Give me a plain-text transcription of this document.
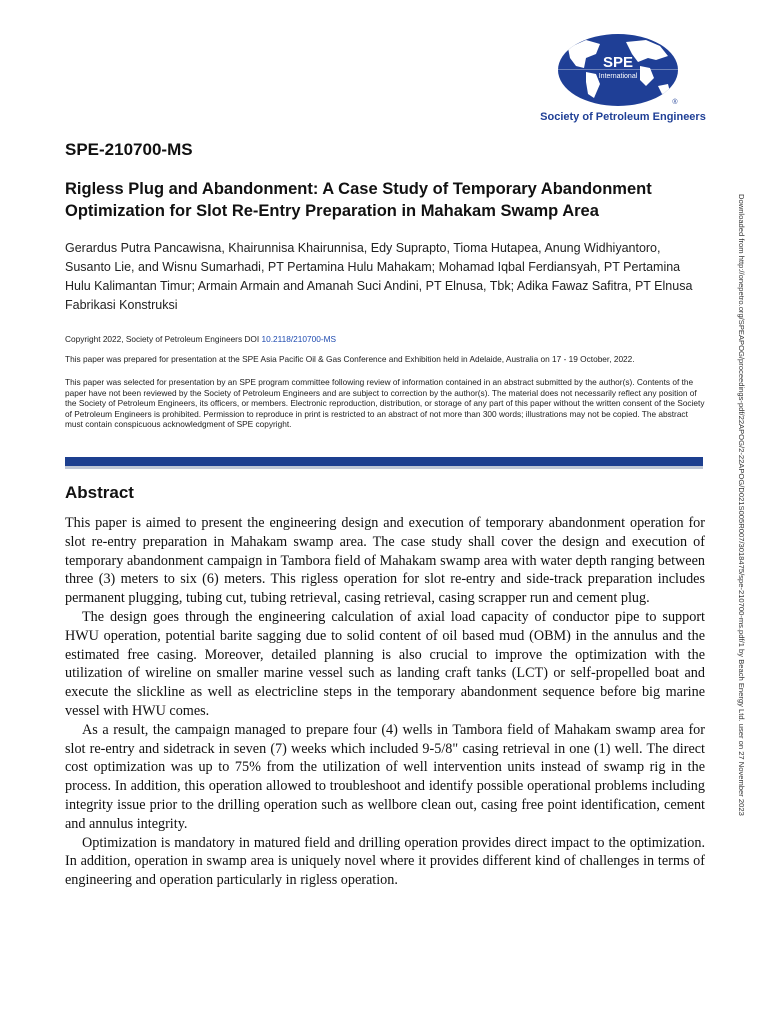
SPE
International
®
Society of Petroleum Engineers
SPE-210700-MS
Rigless Plug and Abandonment: A Case Study of Temporary Abandonment Optimization for Slot Re-Entry Preparation in Mahakam Swamp Area
Gerardus Putra Pancawisna, Khairunnisa Khairunnisa, Edy Suprapto, Tioma Hutapea, Anung Widhiyantoro, Susanto Lie, and Wisnu Sumarhadi, PT Pertamina Hulu Mahakam; Mohamad Iqbal Ferdiansyah, PT Pertamina Hulu Kalimantan Timur; Armain Armain and Amanah Suci Andini, PT Elnusa, Tbk; Adika Fawaz Safitra, PT Elnusa Fabrikasi Konstruksi
Copyright 2022, Society of Petroleum Engineers DOI 10.2118/210700-MS
This paper was prepared for presentation at the SPE Asia Pacific Oil & Gas Conference and Exhibition held in Adelaide, Australia on 17 - 19 October, 2022.
This paper was selected for presentation by an SPE program committee following review of information contained in an abstract submitted by the author(s). Contents of the paper have not been reviewed by the Society of Petroleum Engineers and are subject to correction by the author(s). The material does not necessarily reflect any position of the Society of Petroleum Engineers, its officers, or members. Electronic reproduction, distribution, or storage of any part of this paper without the written consent of the Society of Petroleum Engineers is prohibited. Permission to reproduce in print is restricted to an abstract of not more than 300 words; illustrations may not be copied. The abstract must contain conspicuous acknowledgment of SPE copyright.
Abstract

This paper is aimed to present the engineering design and execution of temporary abandonment operation for slot re-entry preparation in Mahakam swamp area. The case study shall cover the design and execution of temporary abandonment campaign in Tambora field of Mahakam swamp area with water depth ranging between three (3) meters to six (6) meters. This rigless operation for slot re-entry and side-track preparation includes permanent plugging, tubing cut, tubing retrieval, casing retrieval, casing scrapper run and cement plug.

The design goes through the engineering calculation of axial load capacity of conductor pipe to support HWU operation, potential barite sagging due to solid content of oil based mud (OBM) in the annulus and the estimated free casing. Moreover, detailed planning is also crucial to improve the optimization with the utilization of wireline on smaller marine vessel such as landing craft tanks (LCT) or self-propelled boat and execute the slickline as well as electricline steps in the temporary abandonment sequence before big marine vessel with HWU comes.

As a result, the campaign managed to prepare four (4) wells in Tambora field of Mahakam swamp area for slot re-entry and sidetrack in seven (7) weeks which included 9-5/8" casing retrieval in one (1) well. The direct cost optimization was up to 75% from the utilization of well intervention units instead of swamp rig in the process. In addition, this operation allowed to troubleshoot and identify possible operational problems including integrity issue prior to the drilling operation such as wellbore clean out, casing free point identification, cement and annulus integrity.

Optimization is mandatory in matured field and drilling operation provides direct impact to the optimization. In addition, operation in swamp area is uniquely novel where it provides different kind of challenges in terms of engineering and operation particularly in rigless operation.

Downloaded from http://onepetro.org/SPEAPOG/proceedings-pdf/22APOG/2-22APOG/D021S005R007/3018475/spe-210700-ms.pdf/1 by Beach Energy Ltd. user on 27 November 2023
